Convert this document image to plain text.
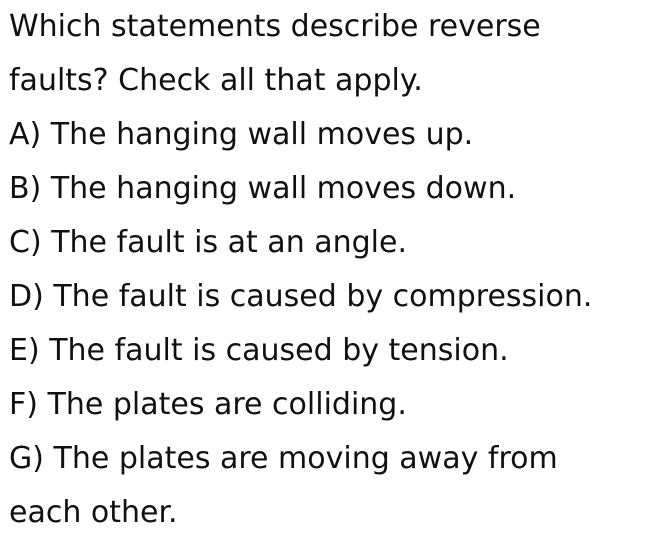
Which statements describe reverse
faults? Check all that apply.
A) The hanging wall moves up.
B) The hanging wall moves down.
C) The fault is at an angle.
D) The fault is caused by compression.
E) The fault is caused by tension.
F) The plates are colliding.
G) The plates are moving away from
each other.
